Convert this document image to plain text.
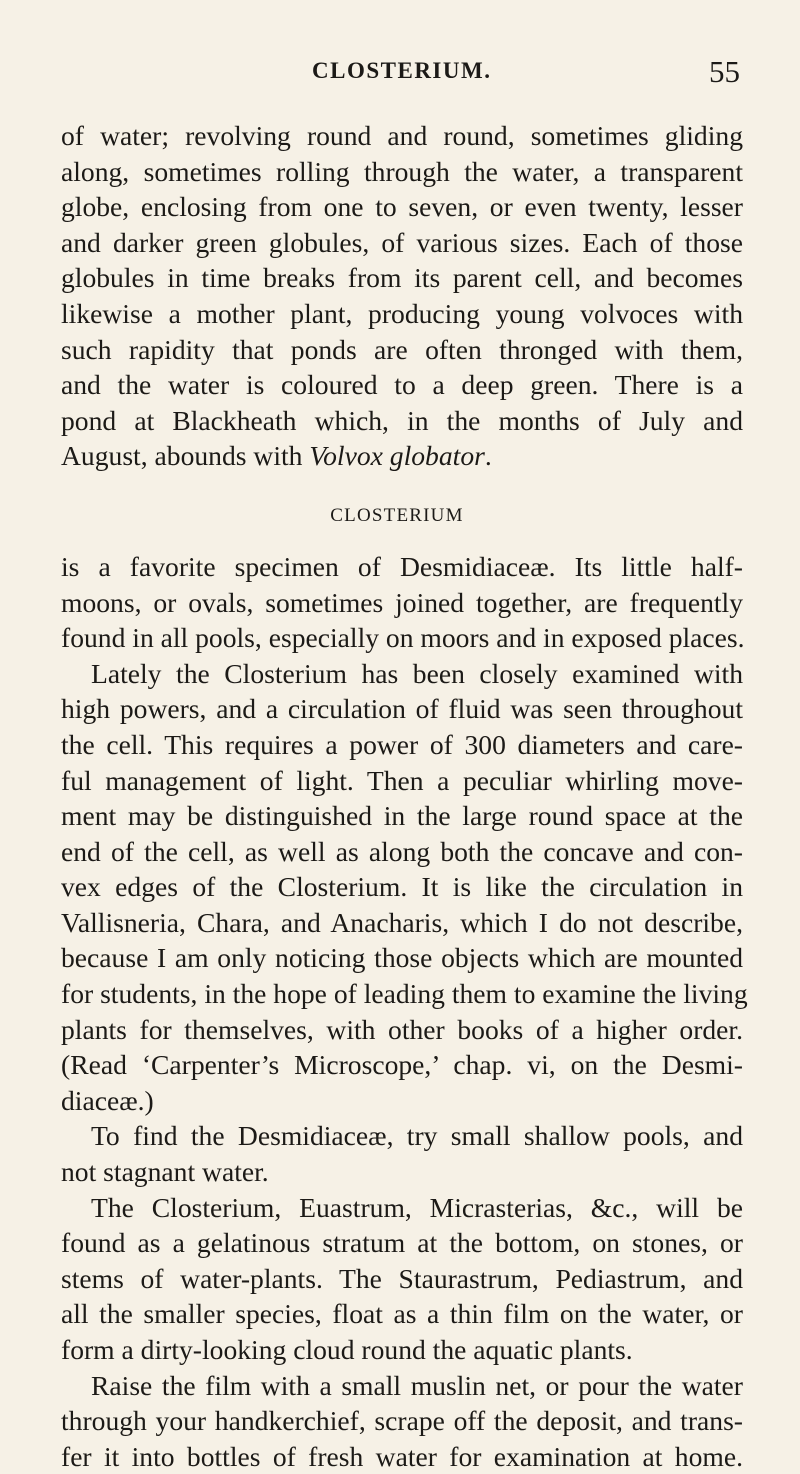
CLOSTERIUM.	55
of water; revolving round and round, sometimes gliding
along, sometimes rolling through the water, a transparent
globe, enclosing from one to seven, or even twenty, lesser
and darker green globules, of various sizes. Each of those
globules in time breaks from its parent cell, and becomes
likewise a mother plant, producing young volvoces with
such rapidity that ponds are often thronged with them,
and the water is coloured to a deep green. There is a
pond at Blackheath which, in the months of July and
August, abounds with Volvox globator.
CLOSTERIUM
is a favorite specimen of Desmidiaceæ. Its little half-
moons, or ovals, sometimes joined together, are frequently
found in all pools, especially on moors and in exposed places.
Lately the Closterium has been closely examined with
high powers, and a circulation of fluid was seen throughout
the cell. This requires a power of 300 diameters and care-
ful management of light. Then a peculiar whirling move-
ment may be distinguished in the large round space at the
end of the cell, as well as along both the concave and con-
vex edges of the Closterium. It is like the circulation in
Vallisneria, Chara, and Anacharis, which I do not describe,
because I am only noticing those objects which are mounted
for students, in the hope of leading them to examine the living
plants for themselves, with other books of a higher order.
(Read ‘Carpenter’s Microscope,’ chap. vi, on the Desmi-
diaceæ.)
To find the Desmidiaceæ, try small shallow pools, and
not stagnant water.
The Closterium, Euastrum, Micrasterias, &c., will be
found as a gelatinous stratum at the bottom, on stones, or
stems of water-plants. The Staurastrum, Pediastrum, and
all the smaller species, float as a thin film on the water, or
form a dirty-looking cloud round the aquatic plants.
Raise the film with a small muslin net, or pour the water
through your handkerchief, scrape off the deposit, and trans-
fer it into bottles of fresh water for examination at home.
